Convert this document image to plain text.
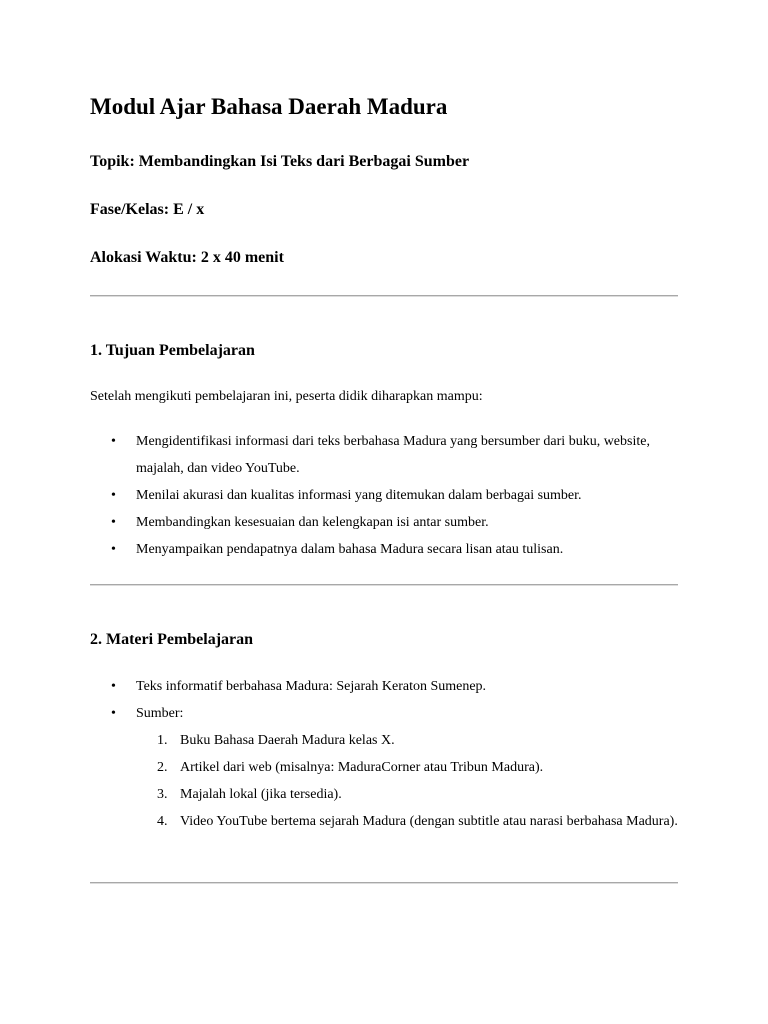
Modul Ajar Bahasa Daerah Madura

Topik: Membandingkan Isi Teks dari Berbagai Sumber

Fase/Kelas: E / x

Alokasi Waktu: 2 x 40 menit

1. Tujuan Pembelajaran

Setelah mengikuti pembelajaran ini, peserta didik diharapkan mampu:

• Mengidentifikasi informasi dari teks berbahasa Madura yang bersumber dari buku, website, majalah, dan video YouTube.
• Menilai akurasi dan kualitas informasi yang ditemukan dalam berbagai sumber.
• Membandingkan kesesuaian dan kelengkapan isi antar sumber.
• Menyampaikan pendapatnya dalam bahasa Madura secara lisan atau tulisan.
2. Materi Pembelajaran
• Teks informatif berbahasa Madura: Sejarah Keraton Sumenep.
• Sumber:
1. Buku Bahasa Daerah Madura kelas X.
2. Artikel dari web (misalnya: MaduraCorner atau Tribun Madura).
3. Majalah lokal (jika tersedia).
4. Video YouTube bertema sejarah Madura (dengan subtitle atau narasi berbahasa Madura).
